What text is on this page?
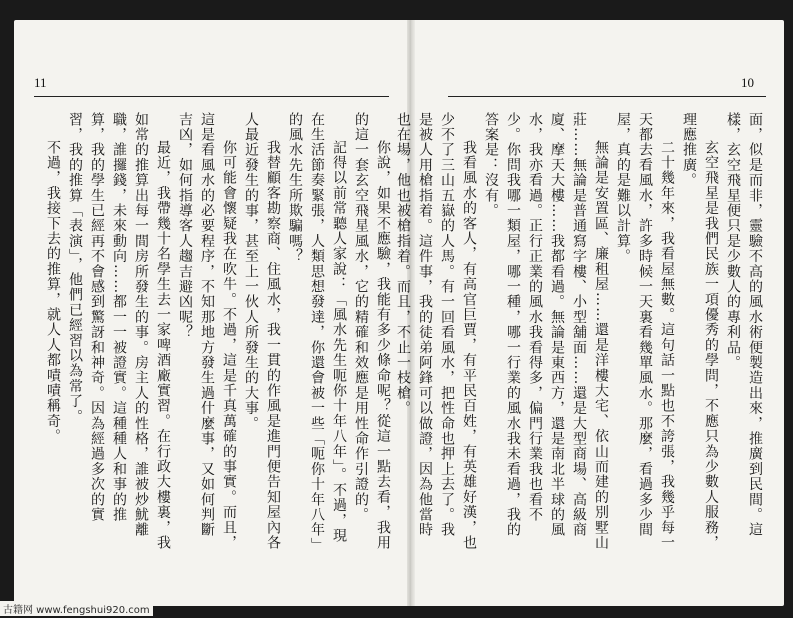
11

你說，如果不應驗，我能有多少條命呢？從這一點去看，我用的這一套玄空飛星風水，它的精確和效應是用性命作引證的。

記得以前常聽人家說：「風水先生呃你十年八年」。不過，現在生活節奏緊張，人類思想發達，你還會被一些「呃你十年八年」的風水先生所欺騙嗎？

我替顧客勘察商、住風水，我一貫的作風是進門便告知屋內各人最近發生的事，甚至上一伙人所發生的大事。

你可能會懷疑我在吹牛。不過，這是千真萬確的事實。而且，這是看風水的必要程序，不知那地方發生過什麼事，又如何判斷吉凶，如何指導客人趨吉避凶呢？

最近，我帶幾十名學生去一家啤酒廠實習。在行政大樓裏，我如常的推算出每一間房所發生的事。房主人的性格，誰被炒魷離職，誰攞錢，未來動向……都一一被證實。這種種人和事的推算，我的學生已經再不會感到驚訝和神奇。因為經過多次的實習，我的推算「表演」，他們已經習以為常了。

不過，我接下去的推算，就人人都嘖嘖稱奇。

10

面，似是而非，靈驗不高的風水術便製造出來，推廣到民間。這樣，玄空飛星便只是少數人的專利品。

玄空飛星是我們民族一項優秀的學問，不應只為少數人服務，理應推廣。

二十幾年來，我看屋無數。這句話一點也不誇張，我幾乎每一天都去看風水，許多時候一天裏看幾單風水。那麼，看過多少間屋，真的是難以計算。

無論是安置區、廉租屋……還是洋樓大宅、依山而建的別墅山莊……無論是普通寫字樓、小型舖面……還是大型商場、高級商廈、摩天大樓……我都看過。無論是東西方，還是南北半球的風水，我亦看過。正行正業的風水我看得多，偏門行業我也看不少。你問我哪一類屋，哪一種，哪一行業的風水我未看過，我的答案是：沒有。

我看風水的客人，有高官巨賈，有平民百姓，有英雄好漢，也少不了三山五嶽的人馬。有一回看風水，把性命也押上去了。我是被人用槍指着。這件事，我的徒弟阿鋒可以做證，因為他當時也在場，他也被槍指着。而且，不止一枝槍。

古籍网 www.fengshui920.com
